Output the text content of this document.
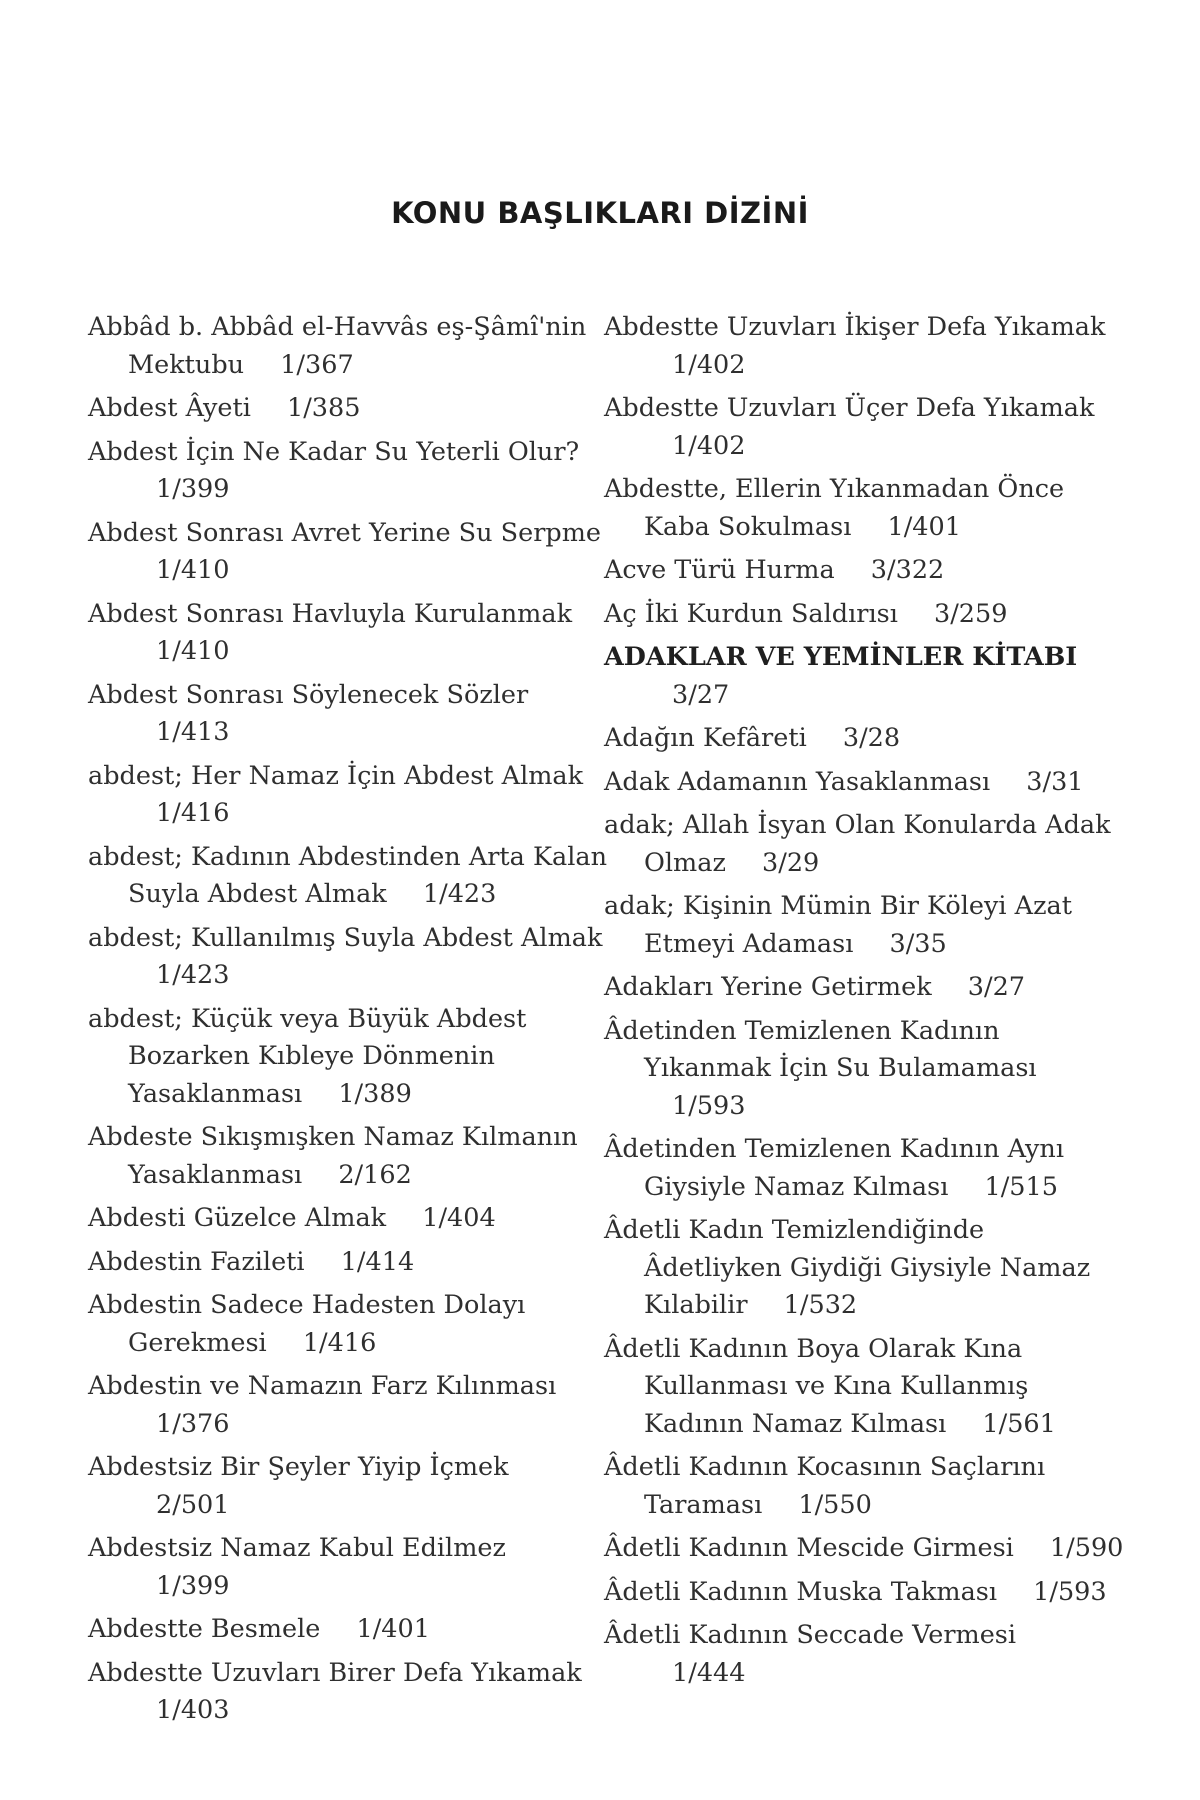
KONU BAŞLIKLARI DİZİNİ
Abbâd b. Abbâd el-Havvâs eş-Şâmî'nin Mektubu 1/367
Abdest Âyeti 1/385
Abdest İçin Ne Kadar Su Yeterli Olur? 1/399
Abdest Sonrası Avret Yerine Su Serpme 1/410
Abdest Sonrası Havluyla Kurulanmak 1/410
Abdest Sonrası Söylenecek Sözler 1/413
abdest; Her Namaz İçin Abdest Almak 1/416
abdest; Kadının Abdestinden Arta Kalan Suyla Abdest Almak 1/423
abdest; Kullanılmış Suyla Abdest Almak 1/423
abdest; Küçük veya Büyük Abdest Bozarken Kıbleye Dönmenin Yasaklanması 1/389
Abdeste Sıkışmışken Namaz Kılmanın Yasaklanması 2/162
Abdesti Güzelce Almak 1/404
Abdestin Fazileti 1/414
Abdestin Sadece Hadesten Dolayı Gerekmesi 1/416
Abdestin ve Namazın Farz Kılınması 1/376
Abdestsiz Bir Şeyler Yiyip İçmek 2/501
Abdestsiz Namaz Kabul Edilmez 1/399
Abdestte Besmele 1/401
Abdestte Uzuvları Birer Defa Yıkamak 1/403
Abdestte Uzuvları İkişer Defa Yıkamak 1/402
Abdestte Uzuvları Üçer Defa Yıkamak 1/402
Abdestte, Ellerin Yıkanmadan Önce Kaba Sokulması 1/401
Acve Türü Hurma 3/322
Aç İki Kurdun Saldırısı 3/259
ADAKLAR VE YEMİNLER KİTABI 3/27
Adağın Kefâreti 3/28
Adak Adamanın Yasaklanması 3/31
adak; Allah İsyan Olan Konularda Adak Olmaz 3/29
adak; Kişinin Mümin Bir Köleyi Azat Etmeyi Adaması 3/35
Adakları Yerine Getirmek 3/27
Âdetinden Temizlenen Kadının Yıkanmak İçin Su Bulamaması 1/593
Âdetinden Temizlenen Kadının Aynı Giysiyle Namaz Kılması 1/515
Âdetli Kadın Temizlendiğinde Âdetliyken Giydiği Giysiyle Namaz Kılabilir 1/532
Âdetli Kadının Boya Olarak Kına Kullanması ve Kına Kullanmış Kadının Namaz Kılması 1/561
Âdetli Kadının Kocasının Saçlarını Taraması 1/550
Âdetli Kadının Mescide Girmesi 1/590
Âdetli Kadının Muska Takması 1/593
Âdetli Kadının Seccade Vermesi 1/444
